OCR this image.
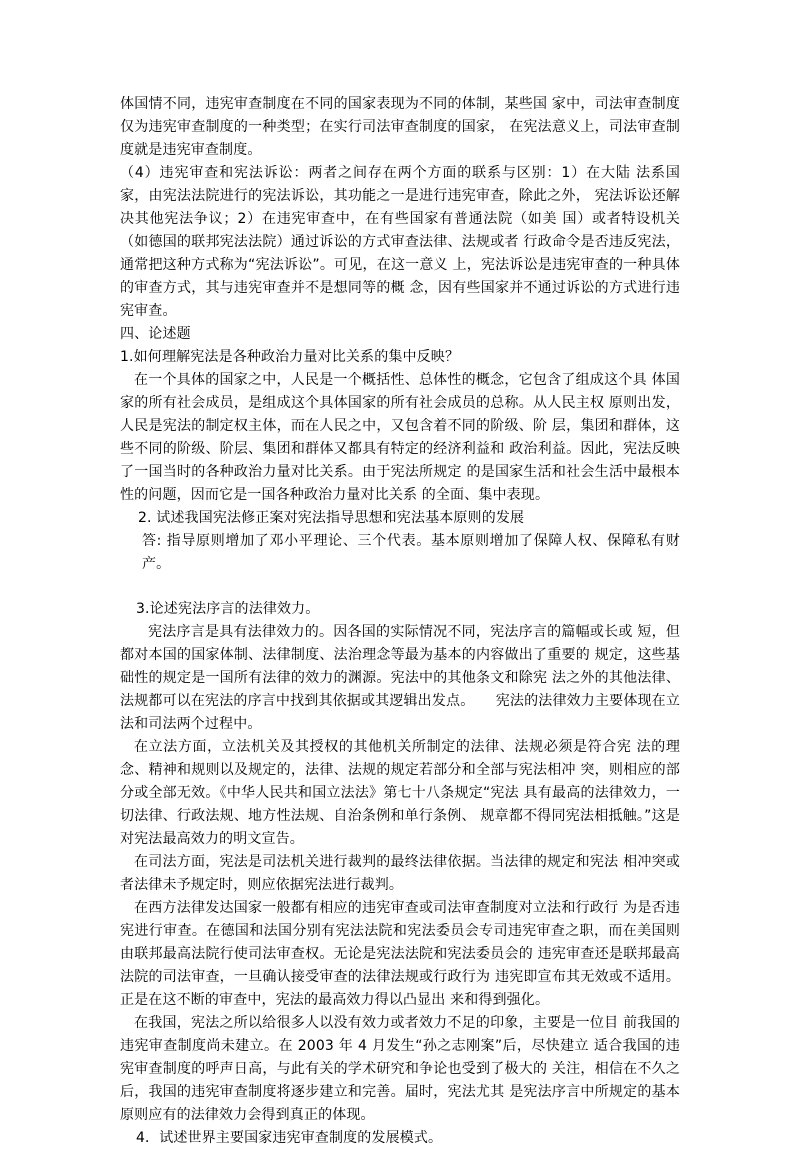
体国情不同，违宪审查制度在不同的国家表现为不同的体制，某些国 家中，司法审查制度仅为违宪审查制度的一种类型；在实行司法审查制度的国家， 在宪法意义上，司法审查制度就是违宪审查制度。

（4）违宪审查和宪法诉讼：两者之间存在两个方面的联系与区别：1）在大陆 法系国家，由宪法法院进行的宪法诉讼，其功能之一是进行违宪审查，除此之外， 宪法诉讼还解决其他宪法争议；2）在违宪审查中，在有些国家有普通法院（如美 国）或者特设机关（如德国的联邦宪法法院）通过诉讼的方式审查法律、法规或者 行政命令是否违反宪法，通常把这种方式称为“宪法诉讼”。可见，在这一意义 上，宪法诉讼是违宪审查的一种具体的审查方式，其与违宪审查并不是想同等的概 念，因有些国家并不通过诉讼的方式进行违宪审查。

四、论述题

1.如何理解宪法是各种政治力量对比关系的集中反映？

在一个具体的国家之中，人民是一个概括性、总体性的概念，它包含了组成这个具 体国家的所有社会成员，是组成这个具体国家的所有社会成员的总称。从人民主权 原则出发，人民是宪法的制定权主体，而在人民之中，又包含着不同的阶级、阶 层，集团和群体，这些不同的阶级、阶层、集团和群体又都具有特定的经济利益和 政治利益。因此，宪法反映了一国当时的各种政治力量对比关系。由于宪法所规定 的是国家生活和社会生活中最根本性的问题，因而它是一国各种政治力量对比关系 的全面、集中表现。

2. 试述我国宪法修正案对宪法指导思想和宪法基本原则的发展

答: 指导原则增加了邓小平理论、三个代表。基本原则增加了保障人权、保障私有财产。

3.论述宪法序言的法律效力。

宪法序言是具有法律效力的。因各国的实际情况不同，宪法序言的篇幅或长或 短，但都对本国的国家体制、法律制度、法治理念等最为基本的内容做出了重要的 规定，这些基础性的规定是一国所有法律的效力的渊源。宪法中的其他条文和除宪 法之外的其他法律、法规都可以在宪法的序言中找到其依据或其逻辑出发点。　　宪法的法律效力主要体现在立法和司法两个过程中。

在立法方面，立法机关及其授权的其他机关所制定的法律、法规必须是符合宪 法的理念、精神和规则以及规定的，法律、法规的规定若部分和全部与宪法相冲 突，则相应的部分或全部无效。《中华人民共和国立法法》第七十八条规定“宪法 具有最高的法律效力，一切法律、行政法规、地方性法规、自治条例和单行条例、 规章都不得同宪法相抵触。”这是对宪法最高效力的明文宣告。

在司法方面，宪法是司法机关进行裁判的最终法律依据。当法律的规定和宪法 相冲突或者法律未予规定时，则应依据宪法进行裁判。

在西方法律发达国家一般都有相应的违宪审查或司法审查制度对立法和行政行 为是否违宪进行审查。在德国和法国分别有宪法法院和宪法委员会专司违宪审查之职，而在美国则由联邦最高法院行使司法审查权。无论是宪法法院和宪法委员会的 违宪审查还是联邦最高法院的司法审查，一旦确认接受审查的法律法规或行政行为 违宪即宣布其无效或不适用。正是在这不断的审查中，宪法的最高效力得以凸显出 来和得到强化。

在我国，宪法之所以给很多人以没有效力或者效力不足的印象，主要是一位目 前我国的违宪审查制度尚未建立。在 2003 年 4 月发生“孙之志刚案”后，尽快建立 适合我国的违宪审查制度的呼声日高，与此有关的学术研究和争论也受到了极大的 关注，相信在不久之后，我国的违宪审查制度将逐步建立和完善。届时，宪法尤其 是宪法序言中所规定的基本原则应有的法律效力会得到真正的体现。

4．试述世界主要国家违宪审查制度的发展模式。
